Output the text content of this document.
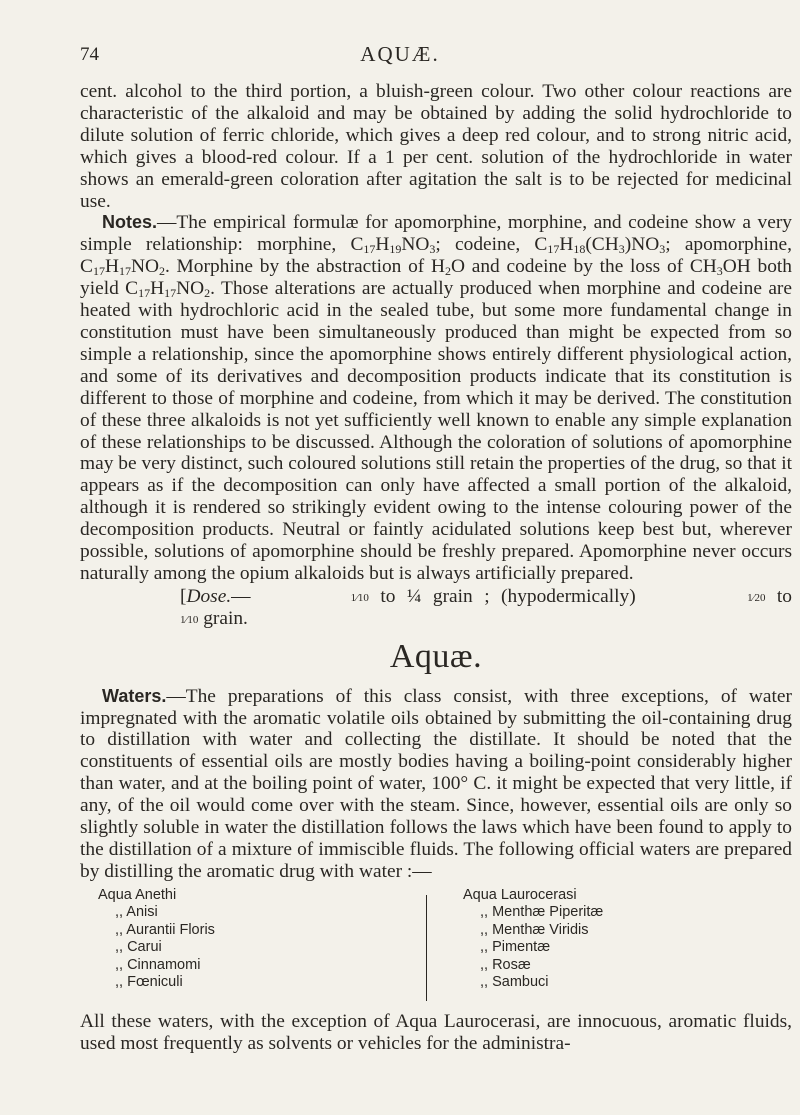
74	AQUÆ.

cent. alcohol to the third portion, a bluish-green colour. Two other colour reactions are characteristic of the alkaloid and may be obtained by adding the solid hydrochloride to dilute solution of ferric chloride, which gives a deep red colour, and to strong nitric acid, which gives a blood-red colour. If a 1 per cent. solution of the hydrochloride in water shows an emerald-green coloration after agitation the salt is to be rejected for medicinal use.

Notes.—The empirical formulæ for apomorphine, morphine, and codeine show a very simple relationship: morphine, $C_{17}H_{19}NO_3$; codeine, $C_{17}H_{18}(CH_3)NO_3$; apomorphine, $C_{17}H_{17}NO_2$. Morphine by the abstraction of $H_2O$ and codeine by the loss of $CH_3OH$ both yield $C_{17}H_{17}NO_2$. Those alterations are actually produced when morphine and codeine are heated with hydrochloric acid in the sealed tube, but some more fundamental change in constitution must have been simultaneously produced than might be expected from so simple a relationship, since the apomorphine shows entirely different physiological action, and some of its derivatives and decomposition products indicate that its constitution is different to those of morphine and codeine, from which it may be derived. The constitution of these three alkaloids is not yet sufficiently well known to enable any simple explanation of these relationships to be discussed. Although the coloration of solutions of apomorphine may be very distinct, such coloured solutions still retain the properties of the drug, so that it appears as if the decomposition can only have affected a small portion of the alkaloid, although it is rendered so strikingly evident owing to the intense colouring power of the decomposition products. Neutral or faintly acidulated solutions keep best but, wherever possible, solutions of apomorphine should be freshly prepared. Apomorphine never occurs naturally among the opium alkaloids but is always artificially prepared.

[Dose.—	1⁄10 to ¼ grain ; (hypodermically)	1⁄20 to 1⁄10 grain.

Aquæ.

Waters.—The preparations of this class consist, with three exceptions, of water impregnated with the aromatic volatile oils obtained by submitting the oil-containing drug to distillation with water and collecting the distillate. It should be noted that the constituents of essential oils are mostly bodies having a boiling-point considerably higher than water, and at the boiling point of water, 100° C. it might be expected that very little, if any, of the oil would come over with the steam. Since, however, essential oils are only so slightly soluble in water the distillation follows the laws which have been found to apply to the distillation of a mixture of immiscible fluids. The following official waters are prepared by distilling the aromatic drug with water :—

Aqua Anethi
,, Anisi
,, Aurantii Floris
,, Carui
,, Cinnamomi
,, Fœniculi
Aqua Laurocerasi
,, Menthæ Piperitæ
,, Menthæ Viridis
,, Pimentæ
,, Rosæ
,, Sambuci

All these waters, with the exception of Aqua Laurocerasi, are innocuous, aromatic fluids, used most frequently as solvents or vehicles for the administra-
